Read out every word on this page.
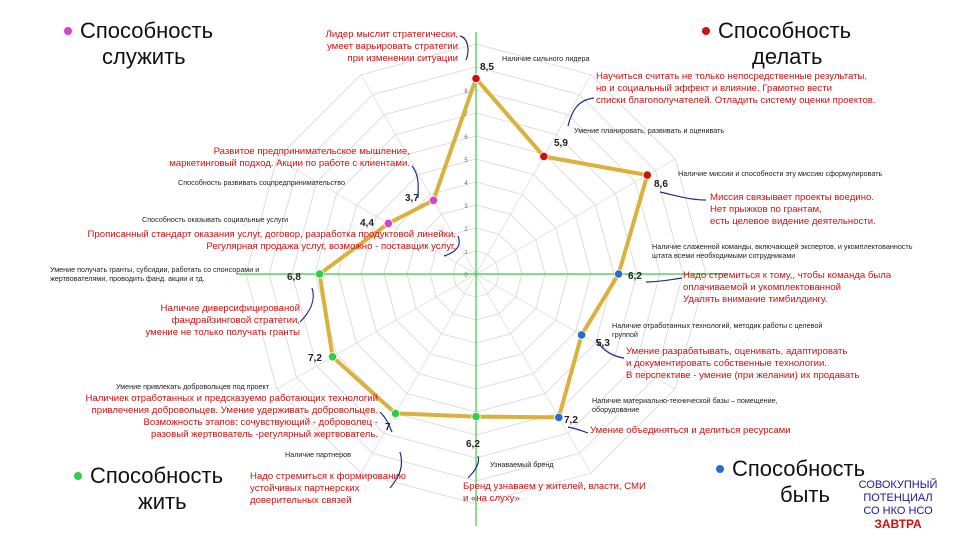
Способность
служить
Способность
делать
Способность
жить
Способность
быть	СОВОКУПНЫЙ
ПОТЕНЦИАЛ
СО НКО НСО
ЗАВТРА
0
1
2
3
4
5
6
7
8
Наличие сильного лидера
Умение планировать, развивать и оценивать
Наличие миссии и способности эту миссию сформулировать
Наличие слаженной команды, включающей экспертов, и укомплектованность штата всеми необходимыми сотрудниками
Наличие отработанных технологий, методик работы с целевой группой
Наличие материально-технической базы – помещение, оборудование
Узнаваемый бренд
Наличие партнеров
Умение привлекать добровольцев под проект
Умение получать гранты, субсидии, работать со спонсорами и жертвователями, проводить фанд. акции и тд.
Способность оказывать социальные услуги
Способность развивать соцпредпринимательство
8,5
5,9
8,6
6,2
5,3
7,2
6,2
7
7,2
6,8
4,4
3,7
Лидер мыслит стратегически, умеет варьировать стратегии при изменении ситуации
Научиться считать не только непосредственные результаты, но и социальный эффект и влияние. Грамотно вести списки благополучателей. Отладить систему оценки проектов.
Миссия связывает проекты воедино. Нет прыжков по грантам, есть целевое видение деятельности.
Надо стремиться к тому,, чтобы команда была оплачиваемой и укомплектованной Удалять внимание тимбилдингу.
Умение разрабатывать, оценивать, адаптировать и документировать собственные технологии. В перспективе - умение (при желании) их продавать
Умение объединяться и делиться ресурсами
Бренд узнаваем у жителей, власти, СМИ и «на слуху»
Надо стремиться к формированию устойчивых партнерских доверительных связей
Наличиек отработанных и предсказуемо работающих технологий привлечения добровольцев. Умение удерживать добровольцев. Возможность этапов: сочувствующий - доброволец -разовый жертвователь -регулярный жертвователь.
Наличие диверсифицированой фандрайзинговой стратегии, умение не только получать гранты
Прописанный стандарт оказания услуг, договор, разработка продуктовой линейки. Регулярная продажа услуг, возможно - поставщик услуг.
Развитое предпринимательское мышление, маркетинговый подход. Акции по работе с клиентами.
